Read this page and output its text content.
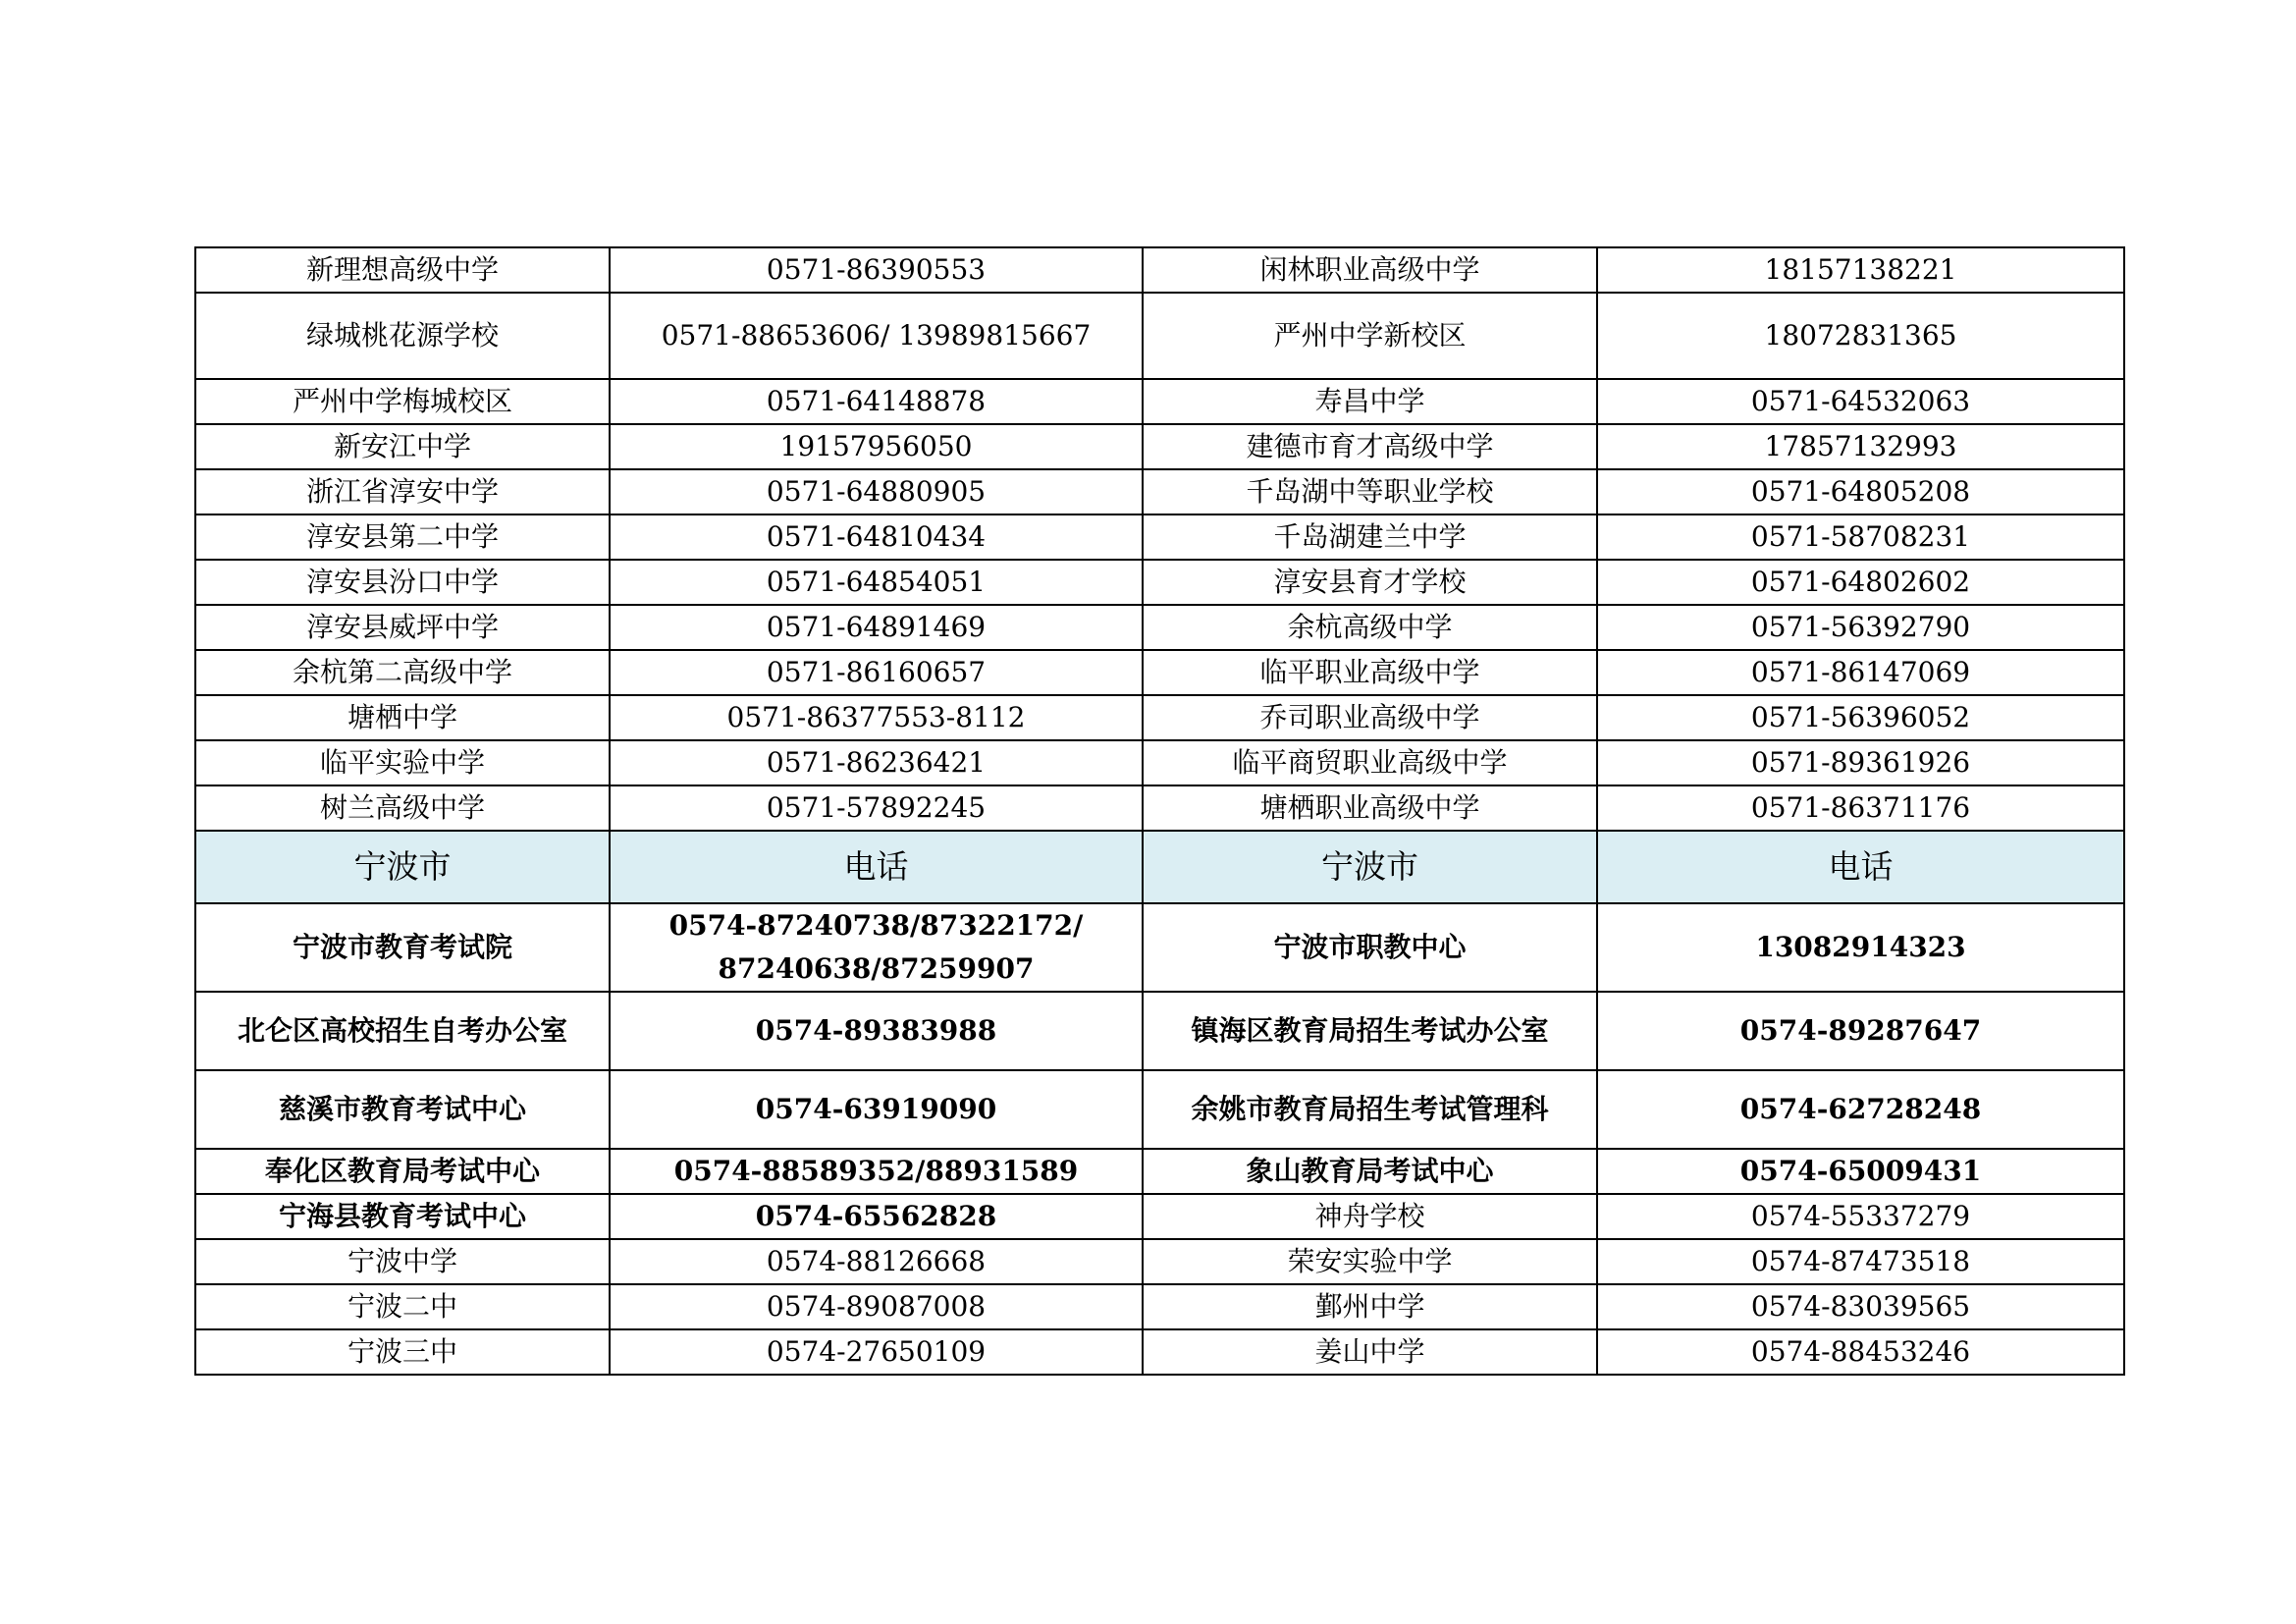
新理想高级中学	0571-86390553	闲林职业高级中学	18157138221
绿城桃花源学校	0571-88653606/ 13989815667	严州中学新校区	18072831365
严州中学梅城校区	0571-64148878	寿昌中学	0571-64532063
新安江中学	19157956050	建德市育才高级中学	17857132993
浙江省淳安中学	0571-64880905	千岛湖中等职业学校	0571-64805208
淳安县第二中学	0571-64810434	千岛湖建兰中学	0571-58708231
淳安县汾口中学	0571-64854051	淳安县育才学校	0571-64802602
淳安县威坪中学	0571-64891469	余杭高级中学	0571-56392790
余杭第二高级中学	0571-86160657	临平职业高级中学	0571-86147069
塘栖中学	0571-86377553-8112	乔司职业高级中学	0571-56396052
临平实验中学	0571-86236421	临平商贸职业高级中学	0571-89361926
树兰高级中学	0571-57892245	塘栖职业高级中学	0571-86371176
宁波市	电话	宁波市	电话
宁波市教育考试院	0574-87240738/87322172/ 87240638/87259907	宁波市职教中心	13082914323
北仑区高校招生自考办公室	0574-89383988	镇海区教育局招生考试办公室	0574-89287647
慈溪市教育考试中心	0574-63919090	余姚市教育局招生考试管理科	0574-62728248
奉化区教育局考试中心	0574-88589352/88931589	象山教育局考试中心	0574-65009431
宁海县教育考试中心	0574-65562828	神舟学校	0574-55337279
宁波中学	0574-88126668	荣安实验中学	0574-87473518
宁波二中	0574-89087008	鄞州中学	0574-83039565
宁波三中	0574-27650109	姜山中学	0574-88453246
